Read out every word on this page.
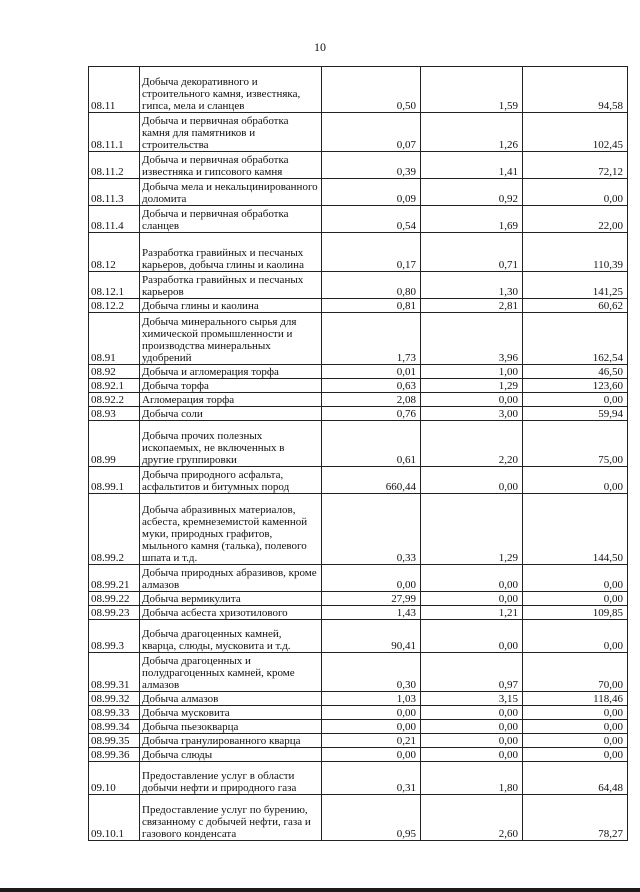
10
08.11	Добыча декоративного и строительного камня, известняка, гипса, мела и сланцев	0,50	1,59	94,58
08.11.1	Добыча и первичная обработка камня для памятников и строительства	0,07	1,26	102,45
08.11.2	Добыча и первичная обработка известняка и гипсового камня	0,39	1,41	72,12
08.11.3	Добыча мела и некальцинированного доломита	0,09	0,92	0,00
08.11.4	Добыча и первичная обработка сланцев	0,54	1,69	22,00
08.12	Разработка гравийных и песчаных карьеров, добыча глины и каолина	0,17	0,71	110,39
08.12.1	Разработка гравийных и песчаных карьеров	0,80	1,30	141,25
08.12.2	Добыча глины и каолина	0,81	2,81	60,62
08.91	Добыча минерального сырья для химической промышленности и производства минеральных удобрений	1,73	3,96	162,54
08.92	Добыча и агломерация торфа	0,01	1,00	46,50
08.92.1	Добыча торфа	0,63	1,29	123,60
08.92.2	Агломерация торфа	2,08	0,00	0,00
08.93	Добыча соли	0,76	3,00	59,94
08.99	Добыча прочих полезных ископаемых, не включенных в другие группировки	0,61	2,20	75,00
08.99.1	Добыча природного асфальта, асфальтитов и битумных пород	660,44	0,00	0,00
08.99.2	Добыча абразивных материалов, асбеста, кремнеземистой каменной муки, природных графитов, мыльного камня (талька), полевого шпата и т.д.	0,33	1,29	144,50
08.99.21	Добыча природных абразивов, кроме алмазов	0,00	0,00	0,00
08.99.22	Добыча вермикулита	27,99	0,00	0,00
08.99.23	Добыча асбеста хризотилового	1,43	1,21	109,85
08.99.3	Добыча драгоценных камней, кварца, слюды, мусковита и т.д.	90,41	0,00	0,00
08.99.31	Добыча драгоценных и полудрагоценных камней, кроме алмазов	0,30	0,97	70,00
08.99.32	Добыча алмазов	1,03	3,15	118,46
08.99.33	Добыча мусковита	0,00	0,00	0,00
08.99.34	Добыча пьезокварца	0,00	0,00	0,00
08.99.35	Добыча гранулированного кварца	0,21	0,00	0,00
08.99.36	Добыча слюды	0,00	0,00	0,00
09.10	Предоставление услуг в области добычи нефти и природного газа	0,31	1,80	64,48
09.10.1	Предоставление услуг по бурению, связанному с добычей нефти, газа и газового конденсата	0,95	2,60	78,27
